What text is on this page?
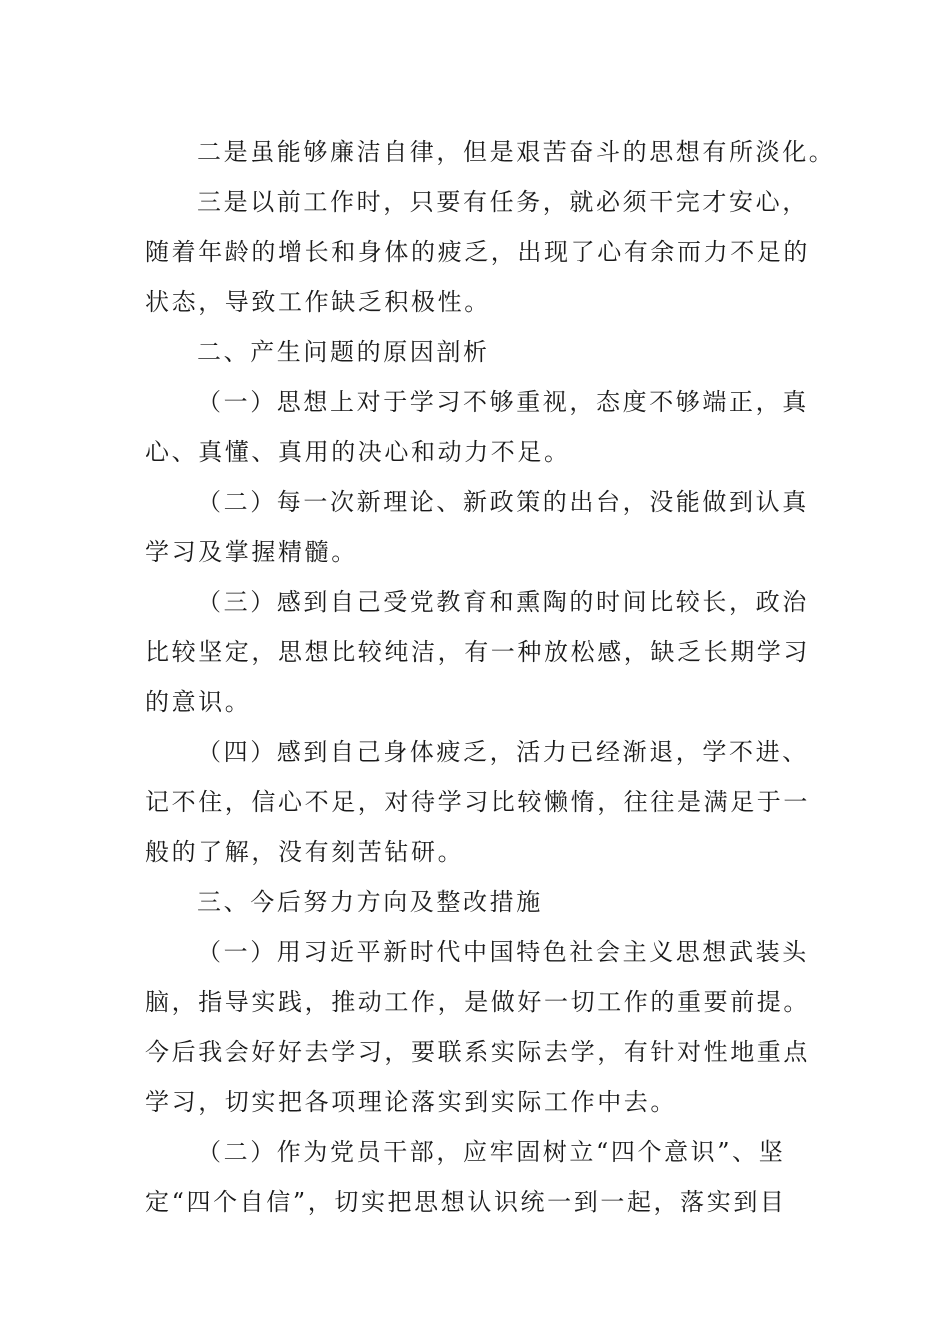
二是虽能够廉洁自律，但是艰苦奋斗的思想有所淡化。
三是以前工作时，只要有任务，就必须干完才安心，
随着年龄的增长和身体的疲乏，出现了心有余而力不足的
状态，导致工作缺乏积极性。
二、产生问题的原因剖析
（一）思想上对于学习不够重视，态度不够端正，真
心、真懂、真用的决心和动力不足。
（二）每一次新理论、新政策的出台，没能做到认真
学习及掌握精髓。
（三）感到自己受党教育和熏陶的时间比较长，政治
比较坚定，思想比较纯洁，有一种放松感，缺乏长期学习
的意识。
（四）感到自己身体疲乏，活力已经渐退，学不进、
记不住，信心不足，对待学习比较懒惰，往往是满足于一
般的了解，没有刻苦钻研。
三、今后努力方向及整改措施
（一）用习近平新时代中国特色社会主义思想武装头
脑，指导实践，推动工作，是做好一切工作的重要前提。
今后我会好好去学习，要联系实际去学，有针对性地重点
学习，切实把各项理论落实到实际工作中去。
（二）作为党员干部，应牢固树立“四个意识”、坚
定“四个自信”，切实把思想认识统一到一起，落实到目
